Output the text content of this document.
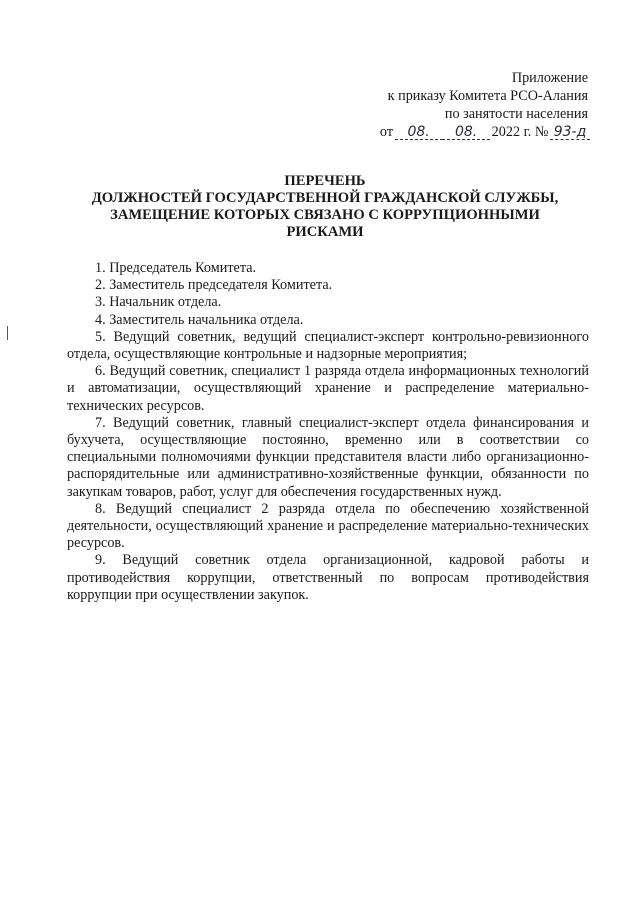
Приложение
к приказу Комитета РСО-Алания
по занятости населения
от 08. 08. 2022 г. № 93-д
ПЕРЕЧЕНЬ
ДОЛЖНОСТЕЙ ГОСУДАРСТВЕННОЙ ГРАЖДАНСКОЙ СЛУЖБЫ,
ЗАМЕЩЕНИЕ КОТОРЫХ СВЯЗАНО С КОРРУПЦИОННЫМИ
РИСКАМИ

1. Председатель Комитета.

2. Заместитель председателя Комитета.

3. Начальник отдела.

4. Заместитель начальника отдела.

5. Ведущий советник, ведущий специалист-эксперт контрольно-ревизионного отдела, осуществляющие контрольные и надзорные мероприятия;

6. Ведущий советник, специалист 1 разряда отдела информационных технологий и автоматизации, осуществляющий хранение и распределение материально-технических ресурсов.

7. Ведущий советник, главный специалист-эксперт отдела финансирования и бухучета, осуществляющие постоянно, временно или в соответствии со специальными полномочиями функции представителя власти либо организационно-распорядительные или административно-хозяйственные функции, обязанности по закупкам товаров, работ, услуг для обеспечения государственных нужд.

8. Ведущий специалист 2 разряда отдела по обеспечению хозяйственной деятельности, осуществляющий хранение и распределение материально-технических ресурсов.

9. Ведущий советник отдела организационной, кадровой работы и противодействия коррупции, ответственный по вопросам противодействия коррупции при осуществлении закупок.
